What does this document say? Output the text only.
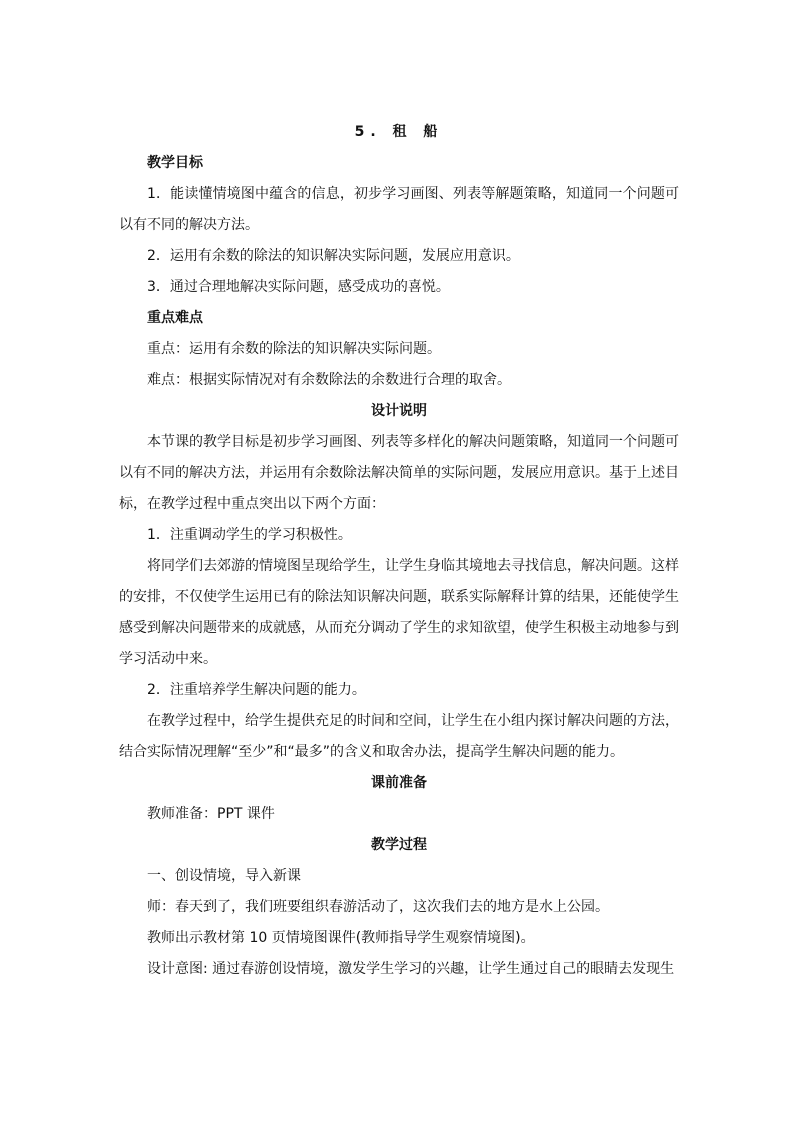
5. 租 船

教学目标

1．能读懂情境图中蕴含的信息，初步学习画图、列表等解题策略，知道同一个问题可以有不同的解决方法。

2．运用有余数的除法的知识解决实际问题，发展应用意识。

3．通过合理地解决实际问题，感受成功的喜悦。

重点难点

重点：运用有余数的除法的知识解决实际问题。

难点：根据实际情况对有余数除法的余数进行合理的取舍。

设计说明

本节课的教学目标是初步学习画图、列表等多样化的解决问题策略，知道同一个问题可以有不同的解决方法，并运用有余数除法解决简单的实际问题，发展应用意识。基于上述目标，在教学过程中重点突出以下两个方面：

1．注重调动学生的学习积极性。

将同学们去郊游的情境图呈现给学生，让学生身临其境地去寻找信息，解决问题。这样的安排，不仅使学生运用已有的除法知识解决问题，联系实际解释计算的结果，还能使学生感受到解决问题带来的成就感，从而充分调动了学生的求知欲望，使学生积极主动地参与到学习活动中来。

2．注重培养学生解决问题的能力。

在教学过程中，给学生提供充足的时间和空间，让学生在小组内探讨解决问题的方法，结合实际情况理解“至少”和“最多”的含义和取舍办法，提高学生解决问题的能力。

课前准备

教师准备：PPT 课件

教学过程

一、创设情境，导入新课

师：春天到了，我们班要组织春游活动了，这次我们去的地方是水上公园。

教师出示教材第 10 页情境图课件(教师指导学生观察情境图)。

设计意图: 通过春游创设情境，激发学生学习的兴趣，让学生通过自己的眼睛去发现生
